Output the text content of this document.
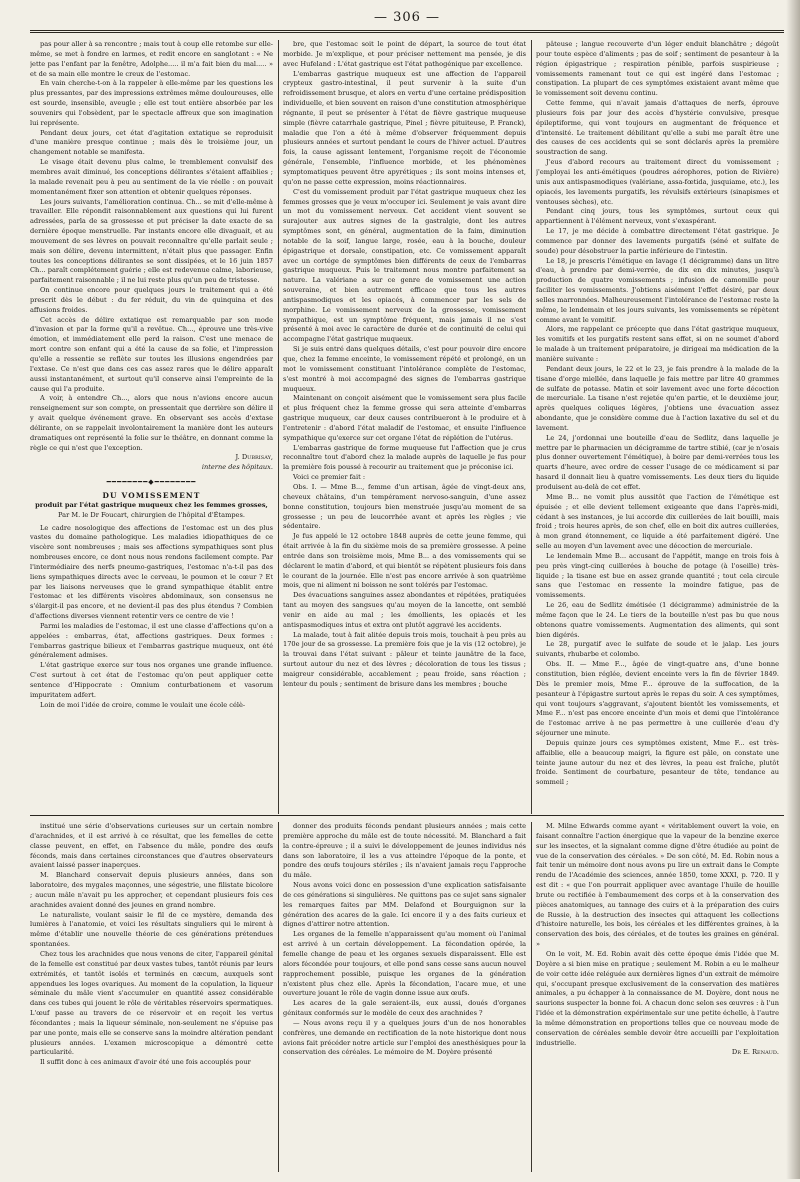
— 306 —

pas pour aller à sa rencontre ; mais tout à coup elle retombe sur elle-même, se met à fondre en larmes, et redit encore en sanglotant : « Ne jette pas l'enfant par la fenêtre, Adolphe..... il m'a fait bien du mal..... » et de sa main elle montre le creux de l'estomac.

En vain cherche-t-on à la rappeler à elle-même par les questions les plus pressantes, par des impressions extrêmes même douloureuses, elle est sourde, insensible, aveugle ; elle est tout entière absorbée par les souvenirs qui l'obsèdent, par le spectacle affreux que son imagination lui représente.

Pendant deux jours, cet état d'agitation extatique se reproduisit d'une manière presque continue ; mais dès le troisième jour, un changement notable se manifesta.

Le visage était devenu plus calme, le tremblement convulsif des membres avait diminué, les conceptions délirantes s'étaient affaiblies ; la malade revenait peu à peu au sentiment de la vie réelle : on pouvait momentanément fixer son attention et obtenir quelques réponses.

Les jours suivants, l'amélioration continua. Ch... se mit d'elle-même à travailler. Elle répondit raisonnablement aux questions qui lui furent adressées, parla de sa grossesse et put préciser la date exacte de sa dernière époque menstruelle. Par instants encore elle divaguait, et au mouvement de ses lèvres on pouvait reconnaître qu'elle parlait seule ; mais son délire, devenu intermittent, n'était plus que passager. Enfin toutes les conceptions délirantes se sont dissipées, et le 16 juin 1857 Ch... paraît complétement guérie ; elle est redevenue calme, laborieuse, parfaitement raisonnable ; il ne lui reste plus qu'un peu de tristesse.

On continue encore pour quelques jours le traitement qui a été prescrit dès le début : du fer réduit, du vin de quinquina et des affusions froides.

Cet accès de délire extatique est remarquable par son mode d'invasion et par la forme qu'il a revêtue. Ch..., éprouve une très-vive émotion, et immédiatement elle perd la raison. C'est une menace de mort contre son enfant qui a été la cause de sa folie, et l'impression qu'elle a ressentie se reflète sur toutes les illusions engendrées par l'extase. Ce n'est que dans ces cas assez rares que le délire apparaît aussi instantanément, et surtout qu'il conserve ainsi l'empreinte de la cause qui l'a produite.

A voir, à entendre Ch..., alors que nous n'avions encore aucun renseignement sur son compte, on pressentait que derrière son délire il y avait quelque événement grave. En observant ses accès d'extase délirante, on se rappelait involontairement la manière dont les auteurs dramatiques ont représenté la folie sur le théâtre, en donnant comme la règle ce qui n'est que l'exception.

J. Dubrisay,

interne des hôpitaux.

━━━━━━━━◆━━━━━━━━

DU VOMISSEMENT

produit par l'état gastrique muqueux chez les femmes grosses,

Par M. le Dr Foucart, chirurgien de l'hôpital d'Étampes.

Le cadre nosologique des affections de l'estomac est un des plus vastes du domaine pathologique. Les maladies idiopathiques de ce viscère sont nombreuses ; mais ses affections sympathiques sont plus nombreuses encore, ce dont nous nous rendons facilement compte. Par l'intermédiaire des nerfs pneumo-gastriques, l'estomac n'a-t-il pas des liens sympathiques directs avec le cerveau, le poumon et le cœur ? Et par les liaisons nerveuses que le grand sympathique établit entre l'estomac et les différents viscères abdominaux, son consensus ne s'élargit-il pas encore, et ne devient-il pas des plus étendus ? Combien d'affections diverses viennent retentir vers ce centre de vie !

Parmi les maladies de l'estomac, il est une classe d'affections qu'on a appelées : embarras, état, affections gastriques. Deux formes : l'embarras gastrique bilieux et l'embarras gastrique muqueux, ont été généralement admises.

L'état gastrique exerce sur tous nos organes une grande influence. C'est surtout à cet état de l'estomac qu'on peut appliquer cette sentence d'Hippocrate : Omnium conturbationem et vasorum impuritatem adfert.

Loin de moi l'idée de croire, comme le voulait une école célè-

bre, que l'estomac soit le point de départ, la source de tout état morbide. Je m'explique, et pour préciser nettement ma pensée, je dis avec Hufeland : L'état gastrique est l'état pathogénique par excellence.

L'embarras gastrique muqueux est une affection de l'appareil crypteux gastro-intestinal, il peut survenir à la suite d'un refroidissement brusque, et alors en vertu d'une certaine prédisposition individuelle, et bien souvent en raison d'une constitution atmosphérique régnante, il peut se présenter à l'état de fièvre gastrique muqueuse simple (fièvre catarrhale gastrique, Pinel ; fièvre pituiteuse, P. Franck), maladie que l'on a été à même d'observer fréquemment depuis plusieurs années et surtout pendant le cours de l'hiver actuel. D'autres fois, la cause agissant lentement, l'organisme reçoit de l'économie générale, l'ensemble, l'influence morbide, et les phénomènes symptomatiques peuvent être apyrétiques ; ils sont moins intenses et, qu'on ne passe cette expression, moins réactionnaires.

C'est du vomissement produit par l'état gastrique muqueux chez les femmes grosses que je veux m'occuper ici. Seulement je vais avant dire un mot du vomissement nerveux. Cet accident vient souvent se surajouter aux autres signes de la gastralgie, dont les autres symptômes sont, en général, augmentation de la faim, diminution notable de la soif, langue large, rosée, eau à la bouche, douleur épigastrique et dorsale, constipation, etc. Ce vomissement apparaît avec un cortége de symptômes bien différents de ceux de l'embarras gastrique muqueux. Puis le traitement nous montre parfaitement sa nature. La valériane a sur ce genre de vomissement une action souveraine, et bien autrement efficace que tous les autres antispasmodiques et les opiacés, à commencer par les sels de morphine. Le vomissement nerveux de la grossesse, vomissement sympathique, est un symptôme fréquent, mais jamais il ne s'est présenté à moi avec le caractère de durée et de continuité de celui qui accompagne l'état gastrique muqueux.

Si je suis entré dans quelques détails, c'est pour pouvoir dire encore que, chez la femme enceinte, le vomissement répété et prolongé, en un mot le vomissement constituant l'intolérance complète de l'estomac, s'est montré à moi accompagné des signes de l'embarras gastrique muqueux.

Maintenant on conçoit aisément que le vomissement sera plus facile et plus fréquent chez la femme grosse qui sera atteinte d'embarras gastrique muqueux, car deux causes contribueront à le produire et à l'entretenir : d'abord l'état maladif de l'estomac, et ensuite l'influence sympathique qu'exerce sur cet organe l'état de réplétion de l'utérus.

L'embarras gastrique de forme muqueuse fut l'affection que je crus reconnaître tout d'abord chez la malade auprès de laquelle je fus pour la première fois poussé à recourir au traitement que je préconise ici.

Voici ce premier fait :

Obs. I. — Mme B..., femme d'un artisan, âgée de vingt-deux ans, cheveux châtains, d'un tempérament nervoso-sanguin, d'une assez bonne constitution, toujours bien menstruée jusqu'au moment de sa grossesse ; un peu de leucorrhée avant et après les règles ; vie sédentaire.

Je fus appelé le 12 octobre 1848 auprès de cette jeune femme, qui était arrivée à la fin du sixième mois de sa première grossesse. A peine entrée dans son troisième mois, Mme B... a des vomissements qui se déclarent le matin d'abord, et qui bientôt se répètent plusieurs fois dans le courant de la journée. Elle n'est pas encore arrivée à son quatrième mois, que ni aliment ni boisson ne sont tolérés par l'estomac.

Des évacuations sanguines assez abondantes et répétées, pratiquées tant au moyen des sangsues qu'au moyen de la lancette, ont semblé venir en aide au mal ; les émollients, les opiacés et les antispasmodiques intus et extra ont plutôt aggravé les accidents.

La malade, tout à fait alitée depuis trois mois, touchait à peu près au 170e jour de sa grossesse. La première fois que je la vis (12 octobre), je la trouvai dans l'état suivant : pâleur et teinte jaunâtre de la face, surtout autour du nez et des lèvres ; décoloration de tous les tissus ; maigreur considérable, accablement ; peau froide, sans réaction ; lenteur du pouls ; sentiment de brisure dans les membres ; bouche

pâteuse ; langue recouverte d'un léger enduit blanchâtre ; dégoût pour toute espèce d'aliments ; pas de soif ; sentiment de pesanteur à la région épigastrique ; respiration pénible, parfois suspirieuse ; vomissements ramenant tout ce qui est ingéré dans l'estomac ; constipation. La plupart de ces symptômes existaient avant même que le vomissement soit devenu continu.

Cette femme, qui n'avait jamais d'attaques de nerfs, éprouve plusieurs fois par jour des accès d'hystérie convulsive, presque épileptiforme, qui vont toujours en augmentant de fréquence et d'intensité. Le traitement débilitant qu'elle a subi me paraît être une des causes de ces accidents qui se sont déclarés après la première soustraction de sang.

J'eus d'abord recours au traitement direct du vomissement ; j'employai les anti-émétiques (poudres aérophores, potion de Rivière) unis aux antispasmodiques (valériane, assa-fœtida, jusquiame, etc.), les opiacés, les lavements purgatifs, les révulsifs extérieurs (sinapismes et ventouses sèches), etc.

Pendant cinq jours, tous les symptômes, surtout ceux qui appartiennent à l'élément nerveux, vont s'exaspérant.

Le 17, je me décide à combattre directement l'état gastrique. Je commence par donner des lavements purgatifs (séné et sulfate de soude) pour désobstruer la partie inférieure de l'intestin.

Le 18, je prescris l'émétique en lavage (1 décigramme) dans un litre d'eau, à prendre par demi-verrée, de dix en dix minutes, jusqu'à production de quatre vomissements ; infusion de camomille pour faciliter les vomissements. J'obtiens aisément l'effet désiré, par deux selles marronnées. Malheureusement l'intolérance de l'estomac reste la même, le lendemain et les jours suivants, les vomissements se répètent comme avant le vomitif.

Alors, me rappelant ce précepte que dans l'état gastrique muqueux, les vomitifs et les purgatifs restent sans effet, si on ne soumet d'abord le malade à un traitement préparatoire, je dirigeai ma médication de la manière suivante :

Pendant deux jours, le 22 et le 23, je fais prendre à la malade de la tisane d'orge miellée, dans laquelle je fais mettre par litre 40 grammes de sulfate de potasse. Matin et soir lavement avec une forte décoction de mercuriale. La tisane n'est rejetée qu'en partie, et le deuxième jour, après quelques coliques légères, j'obtiens une évacuation assez abondante, que je considère comme due à l'action laxative du sel et du lavement.

Le 24, j'ordonnai une bouteille d'eau de Sedlitz, dans laquelle je mettre par le pharmacien un décigramme de tartre stibié, (car je n'osais plus donner ouvertement l'émétique), à boire par demi-verrées tous les quarts d'heure, avec ordre de cesser l'usage de ce médicament si par hasard il donnait lieu à quatre vomissements. Les deux tiers du liquide produisent au-delà de cet effet.

Mme B... ne vomit plus aussitôt que l'action de l'émétique est épuisée ; et elle devient tellement exigeante que dans l'après-midi, cédant à ses instances, je lui accorde dix cuillerées de lait bouilli, mais froid ; trois heures après, de son chef, elle en boit dix autres cuillerées, à mon grand étonnement, ce liquide a été parfaitement digéré. Une selle au moyen d'un lavement avec une décoction de mercuriale.

Le lendemain Mme B... accusant de l'appétit, mange en trois fois à peu près vingt-cinq cuillerées à bouche de potage (à l'oseille) très-liquide ; la tisane est bue en assez grande quantité ; tout cela circule sans que l'estomac en ressente la moindre fatigue, pas de vomissements.

Le 26, eau de Sedlitz émétisée (1 décigramme) administrée de la même façon que le 24. Le tiers de la bouteille n'est pas bu que nous obtenons quatre vomissements. Augmentation des aliments, qui sont bien digérés.

Le 28, purgatif avec le sulfate de soude et le jalap. Les jours suivants, rhubarbe et colombo.

Obs. II. — Mme F..., âgée de vingt-quatre ans, d'une bonne constitution, bien réglée, devient enceinte vers la fin de février 1849. Dès le premier mois, Mme F... éprouve de la suffocation, de la pesanteur à l'épigastre surtout après le repas du soir. A ces symptômes, qui vont toujours s'aggravant, s'ajoutent bientôt les vomissements, et Mme F... n'est pas encore enceinte d'un mois et demi que l'intolérance de l'estomac arrive à ne pas permettre à une cuillerée d'eau d'y séjourner une minute.

Depuis quinze jours ces symptômes existent, Mme F... est très-affaiblie, elle a beaucoup maigri, la figure est pâle, on constate une teinte jaune autour du nez et des lèvres, la peau est fraîche, plutôt froide. Sentiment de courbature, pesanteur de tête, tendance au sommeil ;

institué une série d'observations curieuses sur un certain nombre d'arachnides, et il est arrivé à ce résultat, que les femelles de cette classe peuvent, en effet, en l'absence du mâle, pondre des œufs féconds, mais dans certaines circonstances que d'autres observateurs avaient laissé passer inaperçues.

M. Blanchard conservait depuis plusieurs années, dans son laboratoire, des mygales maçonnes, une ségestrie, une filistate bicolore ; aucun mâle n'avait pu les approcher, et cependant plusieurs fois ces arachnides avaient donné des jeunes en grand nombre.

Le naturaliste, voulant saisir le fil de ce mystère, demanda des lumières à l'anatomie, et voici les résultats singuliers qui le mirent à même d'établir une nouvelle théorie de ces générations prétendues spontanées.

Chez tous les arachnides que nous venons de citer, l'appareil génital de la femelle est constitué par deux vastes tubes, tantôt réunis par leurs extrémités, et tantôt isolés et terminés en cæcum, auxquels sont appendues les loges ovariques. Au moment de la copulation, la liqueur séminale du mâle vient s'accumuler en quantité assez considérable dans ces tubes qui jouent le rôle de véritables réservoirs spermatiques. L'œuf passe au travers de ce réservoir et en reçoit les vertus fécondantes ; mais la liqueur séminale, non-seulement ne s'épuise pas par une ponte, mais elle se conserve sans la moindre altération pendant plusieurs années. L'examen microscopique a démontré cette particularité.

Il suffit donc à ces animaux d'avoir été une fois accouplés pour

donner des produits féconds pendant plusieurs années ; mais cette première approche du mâle est de toute nécessité. M. Blanchard a fait la contre-épreuve ; il a suivi le développement de jeunes individus nés dans son laboratoire, il les a vus atteindre l'époque de la ponte, et pondre des œufs toujours stériles ; ils n'avaient jamais reçu l'approche du mâle.

Nous avons voici donc en possession d'une explication satisfaisante de ces générations si singulières. Ne quittons pas ce sujet sans signaler les remarques faites par MM. Delafond et Bourguignon sur la génération des acares de la gale. Ici encore il y a des faits curieux et dignes d'attirer notre attention.

Les organes de la femelle n'apparaissent qu'au moment où l'animal est arrivé à un certain développement. La fécondation opérée, la femelle change de peau et les organes sexuels disparaissent. Elle est alors fécondée pour toujours, et elle pond sans cesse sans aucun nouvel rapprochement possible, puisque les organes de la génération n'existent plus chez elle. Après la fécondation, l'acare mue, et une ouverture jouant le rôle de vagin donne issue aux œufs.

Les acares de la gale seraient-ils, eux aussi, doués d'organes génitaux conformés sur le modèle de ceux des arachnides ?

— Nous avons reçu il y a quelques jours d'un de nos honorables confrères, une demande en rectification de la note historique dont nous avions fait précéder notre article sur l'emploi des anesthésiques pour la conservation des céréales. Le mémoire de M. Doyère présenté

M. Milne Edwards comme ayant « véritablement ouvert la voie, en faisant connaître l'action énergique que la vapeur de la benzine exerce sur les insectes, et la signalant comme digne d'être étudiée au point de vue de la conservation des céréales. » De son côté, M. Ed. Robin nous a fait tenir un mémoire dont nous avons pu lire un extrait dans le Compte rendu de l'Académie des sciences, année 1850, tome XXXI, p. 720. Il y est dit : « que l'on pourrait appliquer avec avantage l'huile de houille brute ou rectifiée à l'embaumement des corps et à la conservation des pièces anatomiques, au tannage des cuirs et à la préparation des cuirs de Russie, à la destruction des insectes qui attaquent les collections d'histoire naturelle, les bois, les céréales et les différentes graines, à la conservation des bois, des céréales, et de toutes les graines en général. »

On le voit, M. Ed. Robin avait dès cette époque émis l'idée que M. Doyère a si bien mise en pratique ; seulement M. Robin a eu le malheur de voir cette idée reléguée aux dernières lignes d'un extrait de mémoire qui, s'occupant presque exclusivement de la conservation des matières animales, a pu échapper à la connaissance de M. Doyère, dont nous ne saurions suspecter la bonne foi. A chacun donc selon ses œuvres : à l'un l'idée et la démonstration expérimentale sur une petite échelle, à l'autre la même démonstration en proportions telles que ce nouveau mode de conservation de céréales semble devoir être accueilli par l'exploitation industrielle.

Dr E. Renaud.
